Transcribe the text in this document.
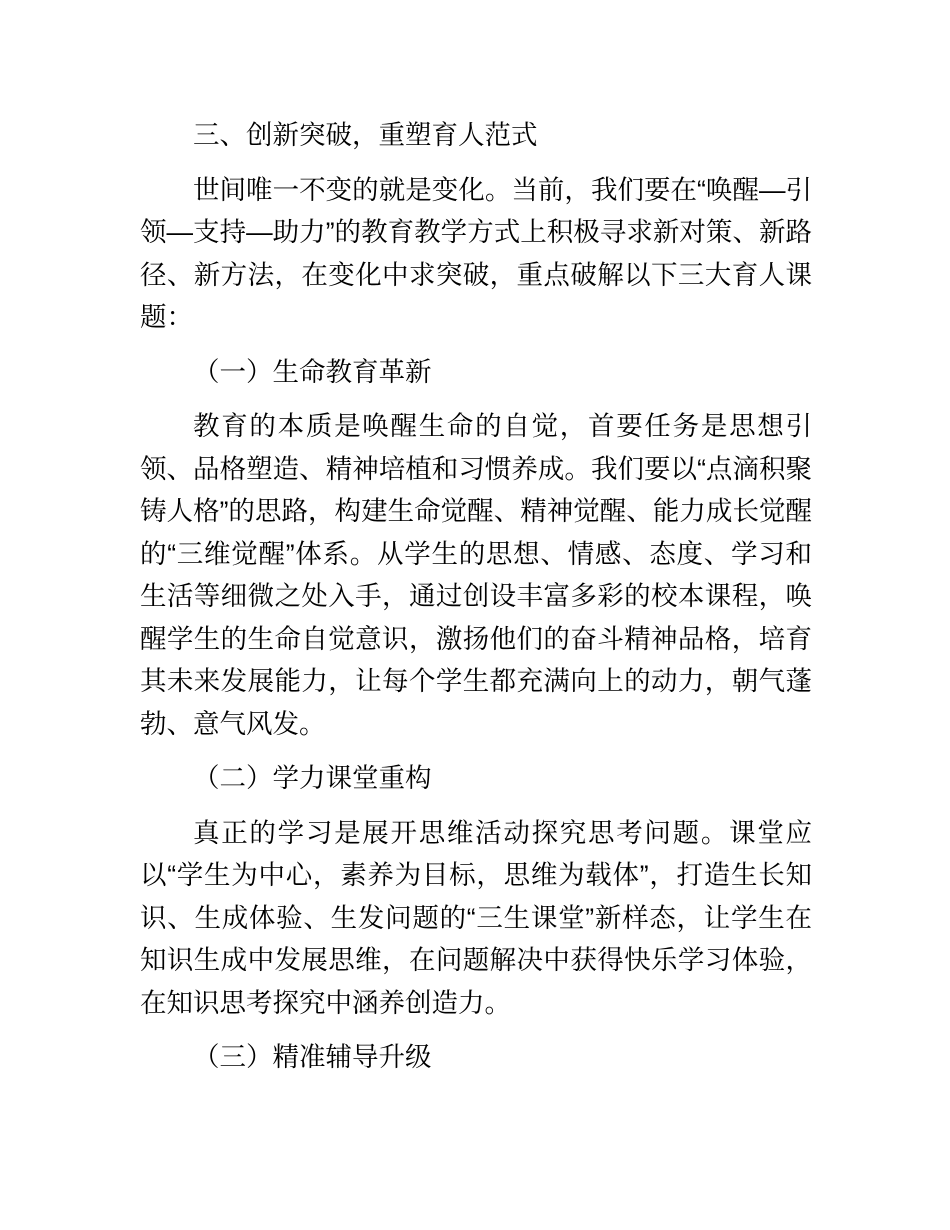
三、创新突破，重塑育人范式

世间唯一不变的就是变化。当前，我们要在“唤醒—引领—支持—助力”的教育教学方式上积极寻求新对策、新路径、新方法，在变化中求突破，重点破解以下三大育人课题：

（一）生命教育革新

教育的本质是唤醒生命的自觉，首要任务是思想引领、品格塑造、精神培植和习惯养成。我们要以“点滴积聚铸人格”的思路，构建生命觉醒、精神觉醒、能力成长觉醒的“三维觉醒”体系。从学生的思想、情感、态度、学习和生活等细微之处入手，通过创设丰富多彩的校本课程，唤醒学生的生命自觉意识，激扬他们的奋斗精神品格，培育其未来发展能力，让每个学生都充满向上的动力，朝气蓬勃、意气风发。

（二）学力课堂重构

真正的学习是展开思维活动探究思考问题。课堂应以“学生为中心，素养为目标，思维为载体”，打造生长知识、生成体验、生发问题的“三生课堂”新样态，让学生在知识生成中发展思维，在问题解决中获得快乐学习体验，在知识思考探究中涵养创造力。

（三）精准辅导升级
